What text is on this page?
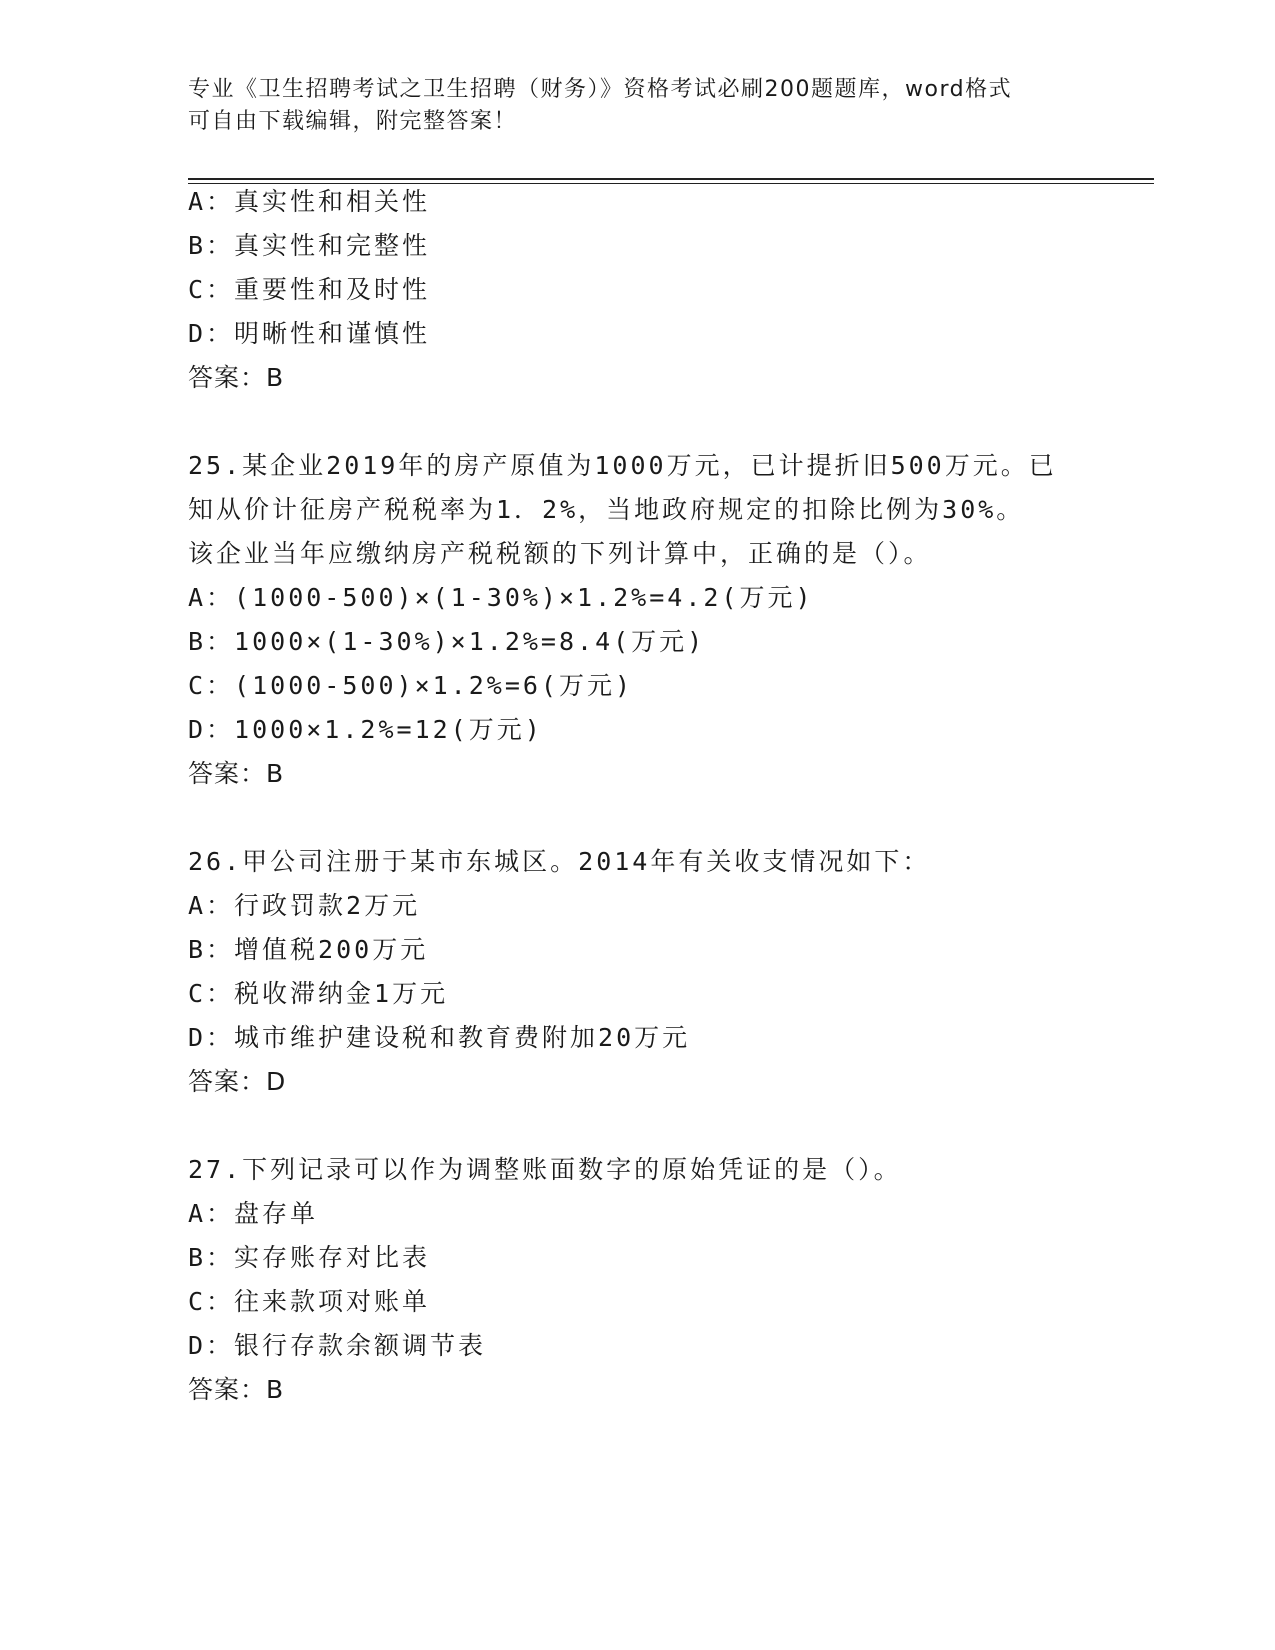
专业《卫生招聘考试之卫生招聘（财务）》资格考试必刷200题题库，word格式
可自由下载编辑，附完整答案！
A：真实性和相关性
B：真实性和完整性
C：重要性和及时性
D：明晰性和谨慎性
答案：B
25.某企业2019年的房产原值为1000万元，已计提折旧500万元。已
知从价计征房产税税率为1．2%，当地政府规定的扣除比例为30%。
该企业当年应缴纳房产税税额的下列计算中，正确的是（）。
A：(1000-500)×(1-30%)×1.2%=4.2(万元)
B：1000×(1-30%)×1.2%=8.4(万元)
C：(1000-500)×1.2%=6(万元)
D：1000×1.2%=12(万元)
答案：B
26.甲公司注册于某市东城区。2014年有关收支情况如下：
A：行政罚款2万元
B：增值税200万元
C：税收滞纳金1万元
D：城市维护建设税和教育费附加20万元
答案：D
27.下列记录可以作为调整账面数字的原始凭证的是（）。
A：盘存单
B：实存账存对比表
C：往来款项对账单
D：银行存款余额调节表
答案：B
